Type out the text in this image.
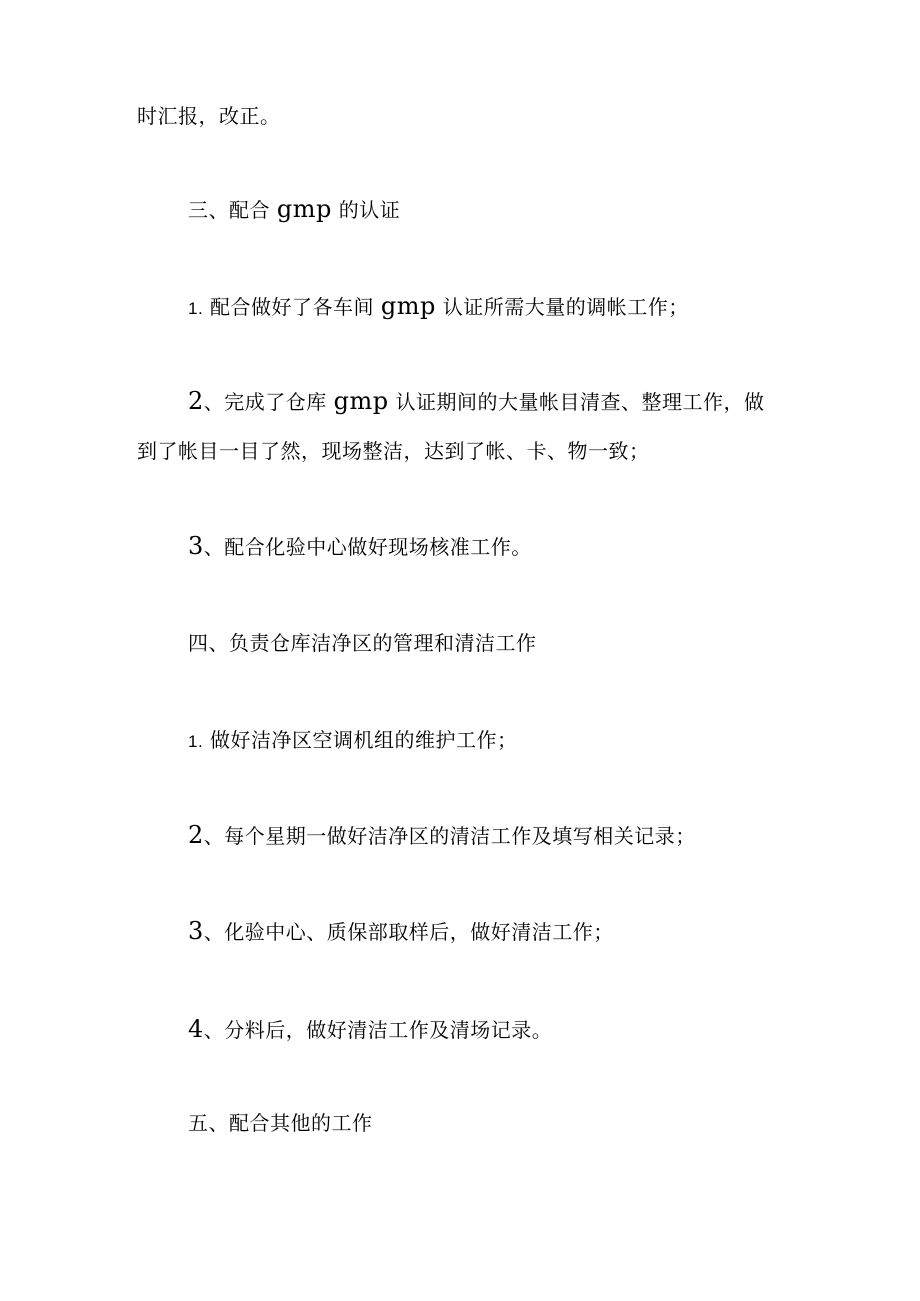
时汇报，改正。
三、配合 gmp 的认证
1. 配合做好了各车间 gmp 认证所需大量的调帐工作；
2、完成了仓库 gmp 认证期间的大量帐目清查、整理工作，做
到了帐目一目了然，现场整洁，达到了帐、卡、物一致；
3、配合化验中心做好现场核准工作。
四、负责仓库洁净区的管理和清洁工作
1. 做好洁净区空调机组的维护工作；
2、每个星期一做好洁净区的清洁工作及填写相关记录；
3、化验中心、质保部取样后，做好清洁工作；
4、分料后，做好清洁工作及清场记录。
五、配合其他的工作
